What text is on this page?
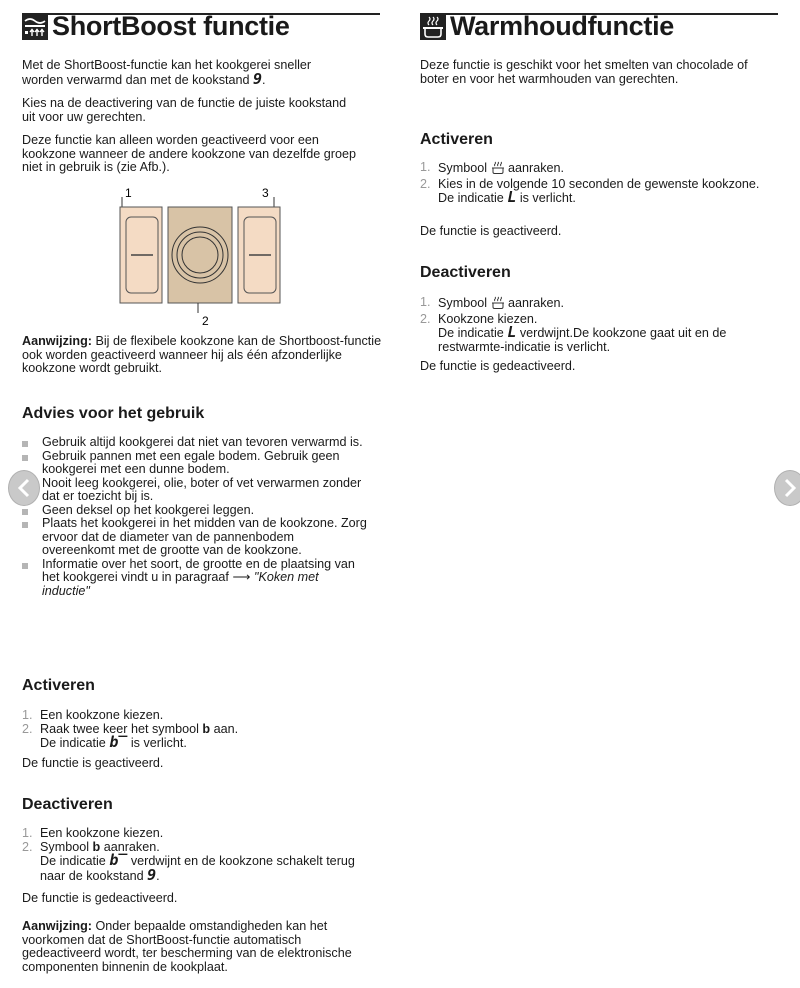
ShortBoost functie

Met de ShortBoost-functie kan het kookgerei sneller
worden verwarmd dan met de kookstand 9.

Kies na de deactivering van de functie de juiste kookstand uit voor uw gerechten.

Deze functie kan alleen worden geactiveerd voor een kookzone wanneer de andere kookzone van dezelfde groep niet in gebruik is (zie Afb.).

1	3
2

Aanwijzing: Bij de flexibele kookzone kan de Shortboost-functie ook worden geactiveerd wanneer hij als één afzonderlijke kookzone wordt gebruikt.

Advies voor het gebruik
Gebruik altijd kookgerei dat niet van tevoren verwarmd is.
Gebruik pannen met een egale bodem. Gebruik geen kookgerei met een dunne bodem.
Nooit leeg kookgerei, olie, boter of vet verwarmen zonder dat er toezicht bij is.
Geen deksel op het kookgerei leggen.
Plaats het kookgerei in het midden van de kookzone. Zorg ervoor dat de diameter van de pannenbodem overeenkomt met de grootte van de kookzone.
Informatie over het soort, de grootte en de plaatsing van het kookgerei vindt u in paragraaf ⟶ "Koken met inductie"
Activeren
1. Een kookzone kiezen.
2. Raak twee keer het symbool b aan.
De indicatie b‾ is verlicht.

De functie is geactiveerd.

Deactiveren
1. Een kookzone kiezen.
2. Symbool b aanraken.
De indicatie b‾ verdwijnt en de kookzone schakelt terug naar de kookstand 9.

De functie is gedeactiveerd.

Aanwijzing: Onder bepaalde omstandigheden kan het voorkomen dat de ShortBoost-functie automatisch gedeactiveerd wordt, ter bescherming van de elektronische componenten binnenin de kookplaat.

Warmhoudfunctie

Deze functie is geschikt voor het smelten van chocolade of boter en voor het warmhouden van gerechten.

Activeren
1. Symbool  aanraken.
2. Kies in de volgende 10 seconden de gewenste kookzone.
De indicatie L is verlicht.

De functie is geactiveerd.

Deactiveren
1. Symbool  aanraken.
2. Kookzone kiezen.
De indicatie L verdwijnt.De kookzone gaat uit en de restwarmte-indicatie is verlicht.

De functie is gedeactiveerd.
